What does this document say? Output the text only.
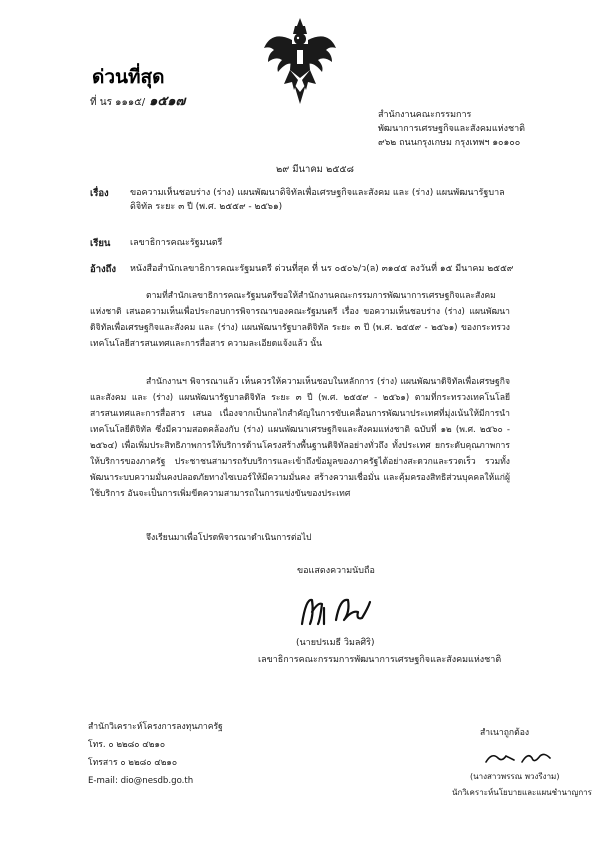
ด่วนที่สุด
ที่ นร ๑๑๑๕/ ๑๕๑๗
สำนักงานคณะกรรมการ
พัฒนาการเศรษฐกิจและสังคมแห่งชาติ
๙๖๒ ถนนกรุงเกษม กรุงเทพฯ ๑๐๑๐๐
๒๙ มีนาคม ๒๕๕๘
เรื่อง ขอความเห็นชอบร่าง (ร่าง) แผนพัฒนาดิจิทัลเพื่อเศรษฐกิจและสังคม และ (ร่าง) แผนพัฒนารัฐบาล
ดิจิทัล ระยะ ๓ ปี (พ.ศ. ๒๕๕๙ - ๒๕๖๑)
เรียน เลขาธิการคณะรัฐมนตรี
อ้างถึง หนังสือสำนักเลขาธิการคณะรัฐมนตรี ด่วนที่สุด ที่ นร ๐๕๐๖/ว(ล) ๓๑๔๕ ลงวันที่ ๑๕ มีนาคม ๒๕๕๙
ตามที่สำนักเลขาธิการคณะรัฐมนตรีขอให้สำนักงานคณะกรรมการพัฒนาการเศรษฐกิจและสังคมแห่งชาติ เสนอความเห็นเพื่อประกอบการพิจารณาของคณะรัฐมนตรี เรื่อง ขอความเห็นชอบร่าง (ร่าง) แผนพัฒนาดิจิทัลเพื่อเศรษฐกิจและสังคม และ (ร่าง) แผนพัฒนารัฐบาลดิจิทัล ระยะ ๓ ปี (พ.ศ. ๒๕๕๙ - ๒๕๖๑) ของกระทรวงเทคโนโลยีสารสนเทศและการสื่อสาร ความละเอียดแจ้งแล้ว นั้น
สำนักงานฯ พิจารณาแล้ว เห็นควรให้ความเห็นชอบในหลักการ (ร่าง) แผนพัฒนาดิจิทัลเพื่อเศรษฐกิจและสังคม และ (ร่าง) แผนพัฒนารัฐบาลดิจิทัล ระยะ ๓ ปี (พ.ศ. ๒๕๕๙ - ๒๕๖๑) ตามที่กระทรวงเทคโนโลยีสารสนเทศและการสื่อสาร เสนอ เนื่องจากเป็นกลไกสำคัญในการขับเคลื่อนการพัฒนาประเทศที่มุ่งเน้นให้มีการนำเทคโนโลยีดิจิทัล ซึ่งมีความสอดคล้องกับ (ร่าง) แผนพัฒนาเศรษฐกิจและสังคมแห่งชาติ ฉบับที่ ๑๒ (พ.ศ. ๒๕๖๐ - ๒๕๖๔) เพื่อเพิ่มประสิทธิภาพการให้บริการด้านโครงสร้างพื้นฐานดิจิทัลอย่างทั่วถึง ทั้งประเทศ ยกระดับคุณภาพการให้บริการของภาครัฐ ประชาชนสามารถรับบริการและเข้าถึงข้อมูลของภาครัฐได้อย่างสะดวกและรวดเร็ว รวมทั้งพัฒนาระบบความมั่นคงปลอดภัยทางไซเบอร์ให้มีความมั่นคง สร้างความเชื่อมั่น และคุ้มครองสิทธิส่วนบุคคลให้แก่ผู้ใช้บริการ อันจะเป็นการเพิ่มขีดความสามารถในการแข่งขันของประเทศ
จึงเรียนมาเพื่อโปรดพิจารณาดำเนินการต่อไป
ขอแสดงความนับถือ
(นายปรเมธี วิมลศิริ)
เลขาธิการคณะกรรมการพัฒนาการเศรษฐกิจและสังคมแห่งชาติ
สำนักวิเคราะห์โครงการลงทุนภาครัฐ
โทร. ๐ ๒๒๘๐ ๔๒๑๐
โทรสาร ๐ ๒๒๘๐ ๔๒๑๐
E-mail: dio@nesdb.go.th
สำเนาถูกต้อง
(นางสาวพรรณ พวงรีงาม)
นักวิเคราะห์นโยบายและแผนชำนาญการ
